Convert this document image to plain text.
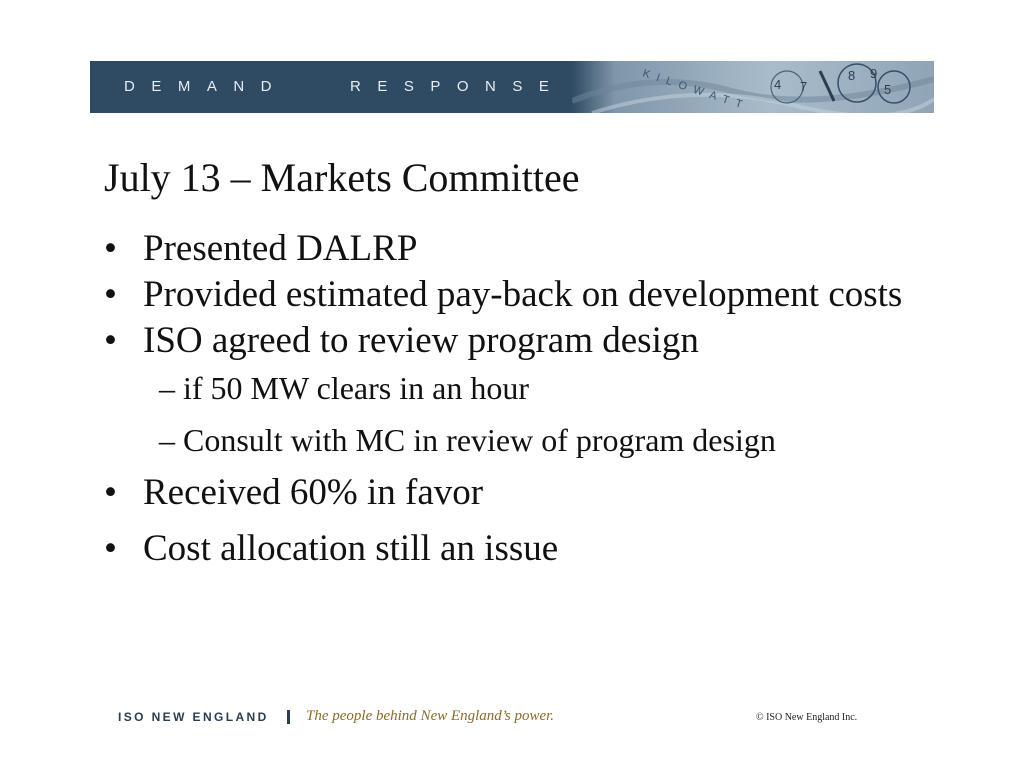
DEMAND   RESPONSE	KILOWATT	8 9
5
4 7
July 13 – Markets Committee
• Presented DALRP
• Provided estimated pay-back on development costs
• ISO agreed to review program design
– if 50 MW clears in an hour
– Consult with MC in review of program design
• Received 60% in favor
• Cost allocation still an issue
ISO NEW ENGLAND The people behind New England’s power.	© ISO New England Inc.
